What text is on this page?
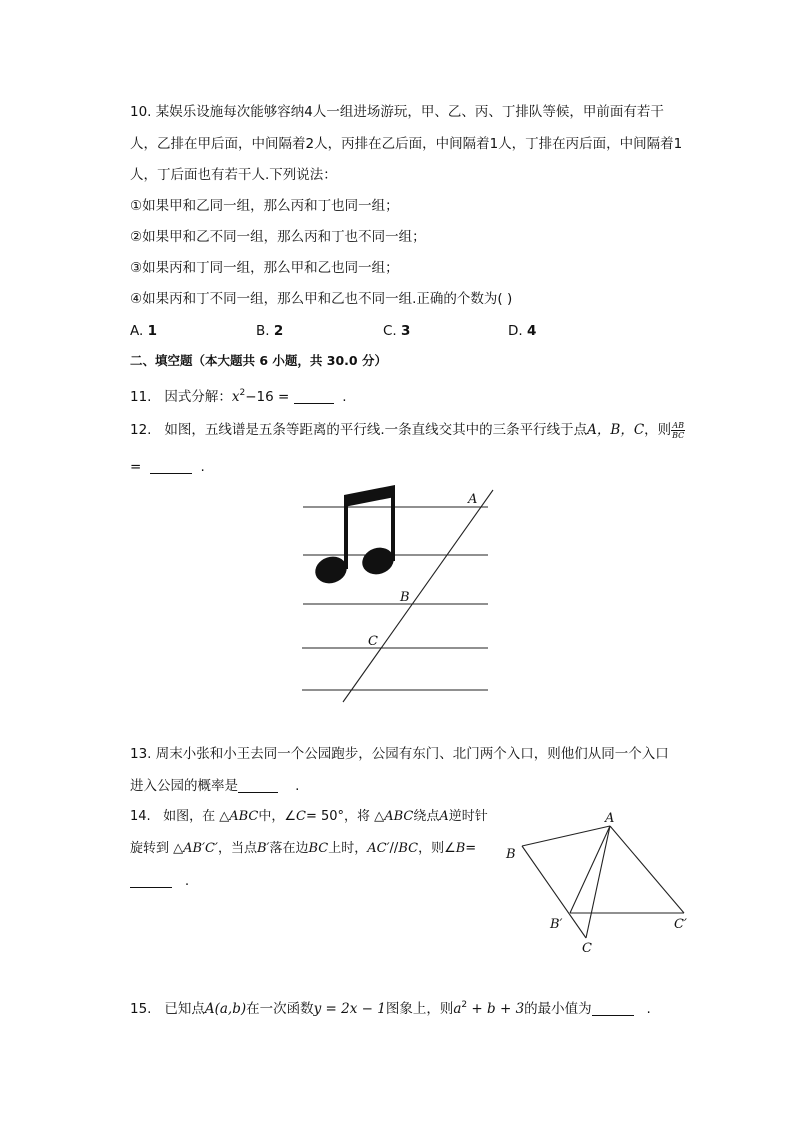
10. 某娱乐设施每次能够容纳4人一组进场游玩，甲、乙、丙、丁排队等候，甲前面有若干
人，乙排在甲后面，中间隔着2人，丙排在乙后面，中间隔着1人，丁排在丙后面，中间隔着1
人，丁后面也有若干人.下列说法：
①如果甲和乙同一组，那么丙和丁也同一组；
②如果甲和乙不同一组，那么丙和丁也不同一组；
③如果丙和丁同一组，那么甲和乙也同一组；
④如果丙和丁不同一组，那么甲和乙也不同一组.正确的个数为( )
A. 1	B. 2	C. 3	D. 4
二、填空题（本大题共 6 小题，共 30.0 分）
11. 因式分解：$x^2-16$ =	.
12. 如图，五线谱是五条等距离的平行线.一条直线交其中的三条平行线于点A，B，C，则 $\frac{AB}{BC}$
=	.
A
B
C
A
B
B′
C
C′
13. 周末小张和小王去同一个公园跑步，公园有东门、北门两个入口，则他们从同一个入口
进入公园的概率是	.
14. 如图，在 △ABC中，∠C= 50°，将 △ABC绕点A逆时针
旋转到 △AB′C′，当点B′落在边BC上时，AC′//BC，则∠B=
.
15. 已知点A(a,b)在一次函数y = 2x − 1图象上，则$a^2 + b + 3$的最小值为	.
